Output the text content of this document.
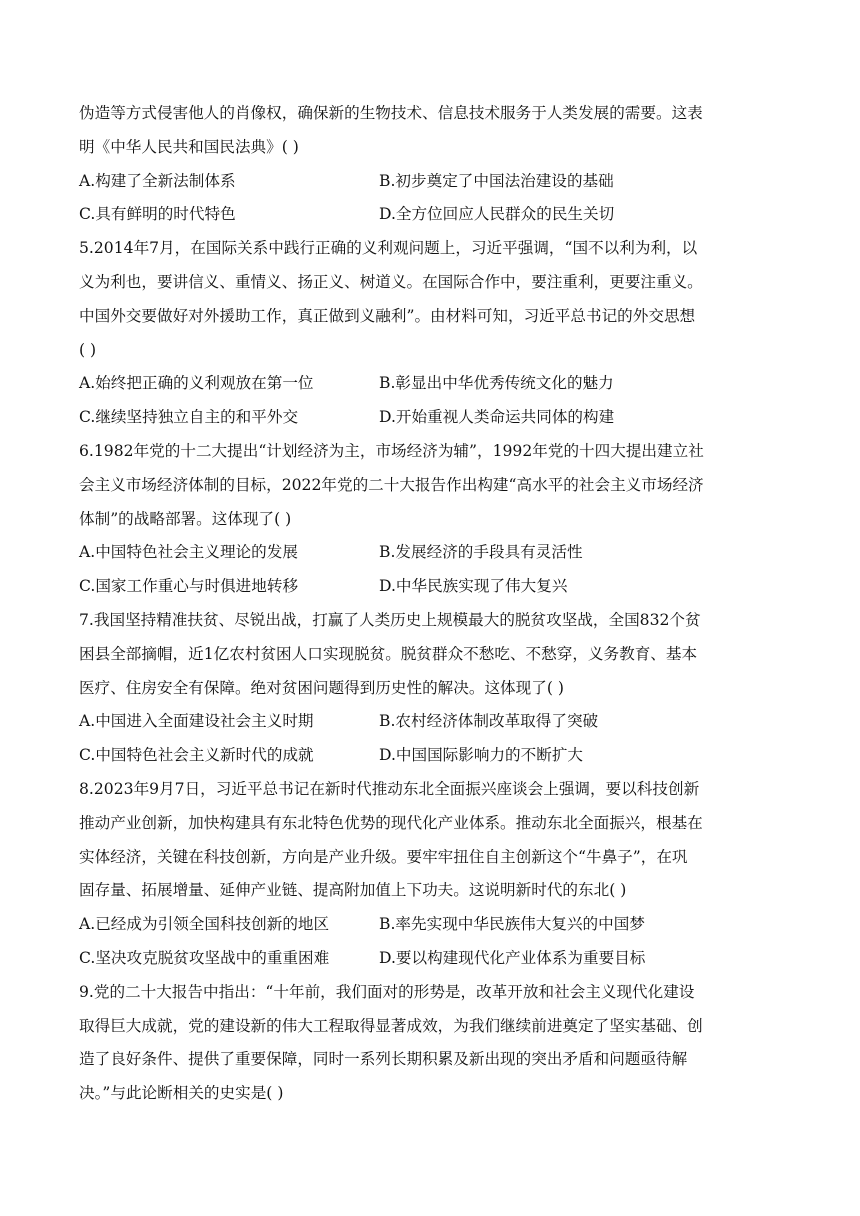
伪造等方式侵害他人的肖像权，确保新的生物技术、信息技术服务于人类发展的需要。这表
明《中华人民共和国民法典》( )
A.构建了全新法制体系	B.初步奠定了中国法治建设的基础
C.具有鲜明的时代特色	D.全方位回应人民群众的民生关切
5.2014年7月，在国际关系中践行正确的义利观问题上，习近平强调，“国不以利为利，以
义为利也，要讲信义、重情义、扬正义、树道义。在国际合作中，要注重利，更要注重义。
中国外交要做好对外援助工作，真正做到义融利”。由材料可知，习近平总书记的外交思想
( )
A.始终把正确的义利观放在第一位	B.彰显出中华优秀传统文化的魅力
C.继续坚持独立自主的和平外交	D.开始重视人类命运共同体的构建
6.1982年党的十二大提出“计划经济为主，市场经济为辅”，1992年党的十四大提出建立社
会主义市场经济体制的目标，2022年党的二十大报告作出构建“高水平的社会主义市场经济
体制”的战略部署。这体现了( )
A.中国特色社会主义理论的发展	B.发展经济的手段具有灵活性
C.国家工作重心与时俱进地转移	D.中华民族实现了伟大复兴
7.我国坚持精准扶贫、尽锐出战，打赢了人类历史上规模最大的脱贫攻坚战，全国832个贫
困县全部摘帽，近1亿农村贫困人口实现脱贫。脱贫群众不愁吃、不愁穿，义务教育、基本
医疗、住房安全有保障。绝对贫困问题得到历史性的解决。这体现了( )
A.中国进入全面建设社会主义时期	B.农村经济体制改革取得了突破
C.中国特色社会主义新时代的成就	D.中国国际影响力的不断扩大
8.2023年9月7日，习近平总书记在新时代推动东北全面振兴座谈会上强调，要以科技创新
推动产业创新，加快构建具有东北特色优势的现代化产业体系。推动东北全面振兴，根基在
实体经济，关键在科技创新，方向是产业升级。要牢牢扭住自主创新这个“牛鼻子”，在巩
固存量、拓展增量、延伸产业链、提高附加值上下功夫。这说明新时代的东北( )
A.已经成为引领全国科技创新的地区	B.率先实现中华民族伟大复兴的中国梦
C.坚决攻克脱贫攻坚战中的重重困难	D.要以构建现代化产业体系为重要目标
9.党的二十大报告中指出：“十年前，我们面对的形势是，改革开放和社会主义现代化建设
取得巨大成就，党的建设新的伟大工程取得显著成效，为我们继续前进奠定了坚实基础、创
造了良好条件、提供了重要保障，同时一系列长期积累及新出现的突出矛盾和问题亟待解
决。”与此论断相关的史实是( )
